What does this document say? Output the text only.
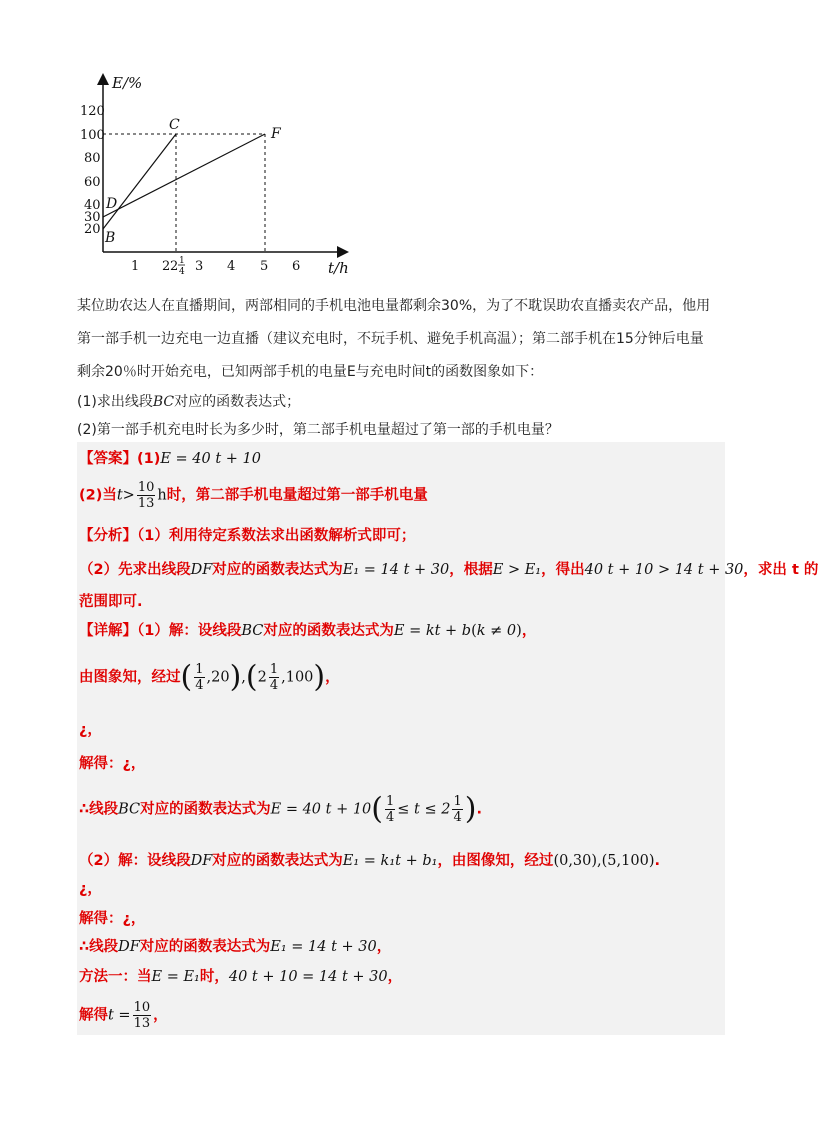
E/%
t/h
120
100
80
60
40
30
20
1 2 2 1
4 3 4 5 6
B
D
C
F
某位助农达人在直播期间，两部相同的手机电池电量都剩余30%，为了不耽误助农直播卖农产品，他用
第一部手机一边充电一边直播（建议充电时，不玩手机、避免手机高温）；第二部手机在15分钟后电量
剩余20％时开始充电，已知两部手机的电量E与充电时间t的函数图象如下：
(1)求出线段BC对应的函数表达式；
(2)第一部手机充电时长为多少时，第二部手机电量超过了第一部的手机电量？
【答案】(1)E = 40 t + 10
(2)当$t> \frac{10}{13}$ h时，第二部手机电量超过第一部手机电量
【分析】（1）利用待定系数法求出函数解析式即可；
（2）先求出线段DF对应的函数表达式为E₁ = 14 t + 30，根据E > E₁，得出40 t + 10 > 14 t + 30，求出 t 的
范围即可.
【详解】（1）解：设线段BC对应的函数表达式为E = kt + b(k ≠ 0)，
由图象知，经过( $\frac{1}{4} ,20),(2 \frac{1}{4} ,100)$，
¿，
解得：¿，
∴线段BC对应的函数表达式为E = 40 $t + 10( \frac{1}{4} \le t \le 2 \frac{1}{4}$ ).
（2）解：设线段DF对应的函数表达式为E₁ = k₁t + b₁，由图像知，经过(0,30),(5,100).
¿，
解得：¿，
∴线段DF对应的函数表达式为E₁ = 14 t + 30，
方法一：当E = E₁时，40 t + 10 = 14 t + 30，
解得$t = \frac{10}{13}$ ，
